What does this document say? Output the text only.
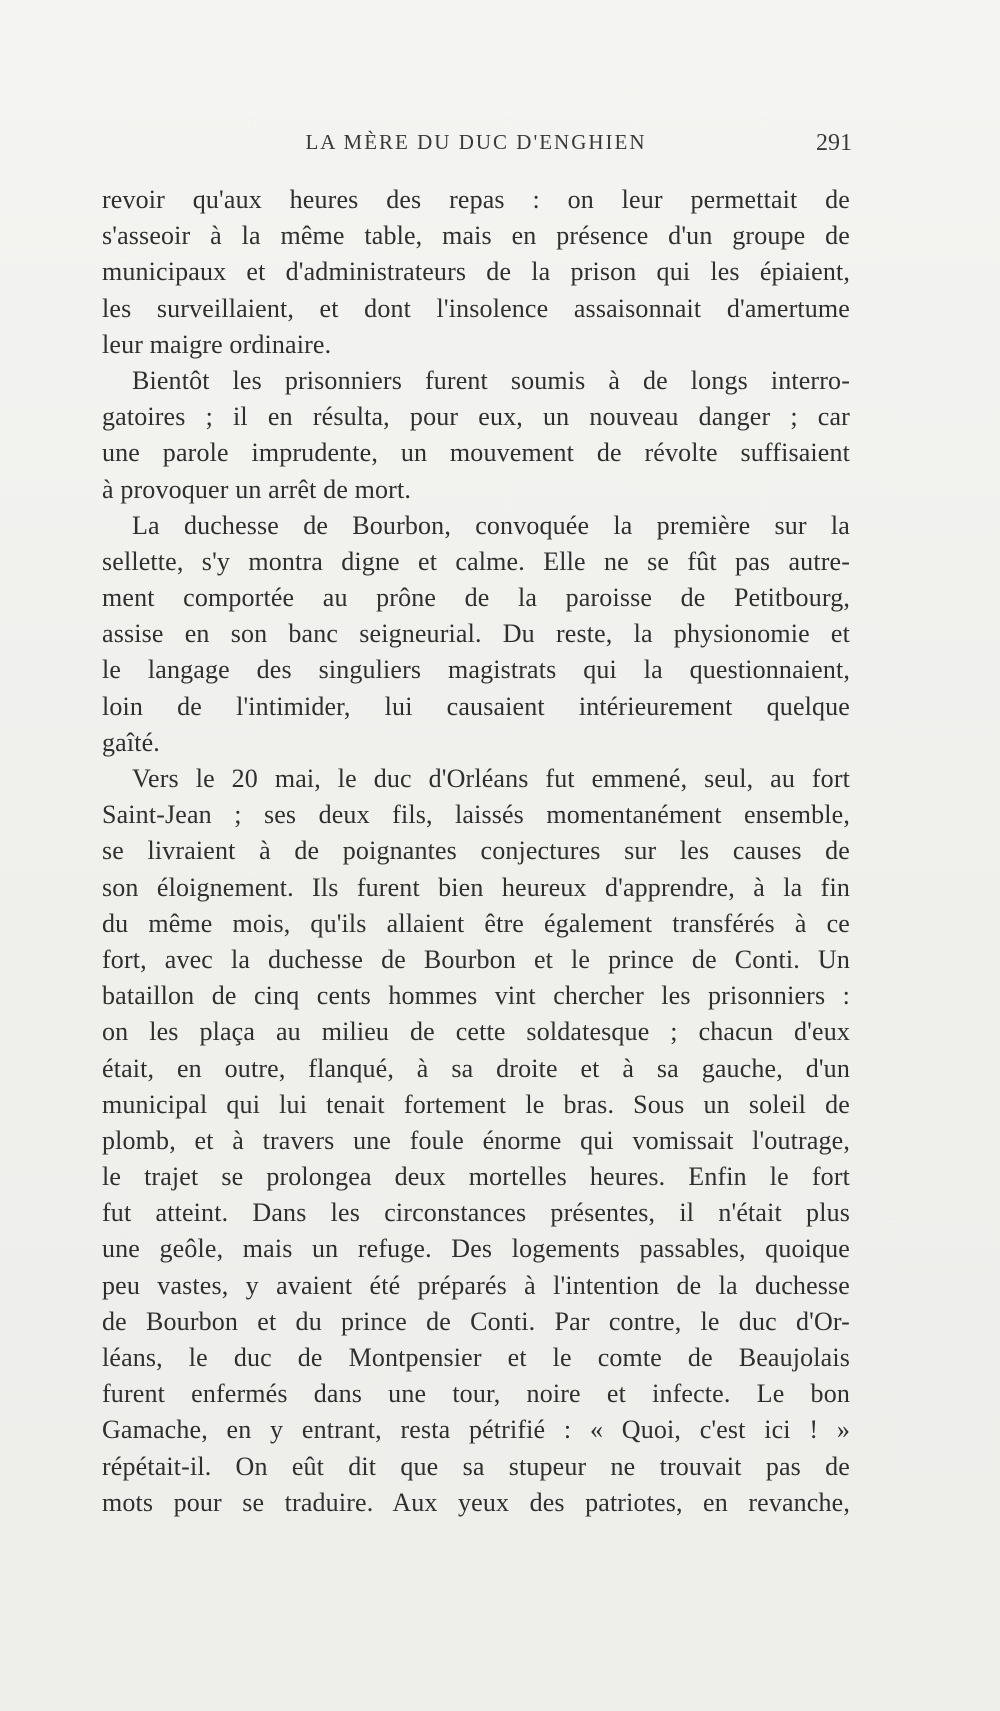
LA MÈRE DU DUC D'ENGHIEN	291
revoir qu'aux heures des repas : on leur permettait de
s'asseoir à la même table, mais en présence d'un groupe de
municipaux et d'administrateurs de la prison qui les épiaient,
les surveillaient, et dont l'insolence assaisonnait d'amertume
leur maigre ordinaire.
Bientôt les prisonniers furent soumis à de longs interro-
gatoires ; il en résulta, pour eux, un nouveau danger ; car
une parole imprudente, un mouvement de révolte suffisaient
à provoquer un arrêt de mort.
La duchesse de Bourbon, convoquée la première sur la
sellette, s'y montra digne et calme. Elle ne se fût pas autre-
ment comportée au prône de la paroisse de Petitbourg,
assise en son banc seigneurial. Du reste, la physionomie et
le langage des singuliers magistrats qui la questionnaient,
loin de l'intimider, lui causaient intérieurement quelque
gaîté.
Vers le 20 mai, le duc d'Orléans fut emmené, seul, au fort
Saint-Jean ; ses deux fils, laissés momentanément ensemble,
se livraient à de poignantes conjectures sur les causes de
son éloignement. Ils furent bien heureux d'apprendre, à la fin
du même mois, qu'ils allaient être également transférés à ce
fort, avec la duchesse de Bourbon et le prince de Conti. Un
bataillon de cinq cents hommes vint chercher les prisonniers :
on les plaça au milieu de cette soldatesque ; chacun d'eux
était, en outre, flanqué, à sa droite et à sa gauche, d'un
municipal qui lui tenait fortement le bras. Sous un soleil de
plomb, et à travers une foule énorme qui vomissait l'outrage,
le trajet se prolongea deux mortelles heures. Enfin le fort
fut atteint. Dans les circonstances présentes, il n'était plus
une geôle, mais un refuge. Des logements passables, quoique
peu vastes, y avaient été préparés à l'intention de la duchesse
de Bourbon et du prince de Conti. Par contre, le duc d'Or-
léans, le duc de Montpensier et le comte de Beaujolais
furent enfermés dans une tour, noire et infecte. Le bon
Gamache, en y entrant, resta pétrifié : « Quoi, c'est ici ! »
répétait-il. On eût dit que sa stupeur ne trouvait pas de
mots pour se traduire. Aux yeux des patriotes, en revanche,
